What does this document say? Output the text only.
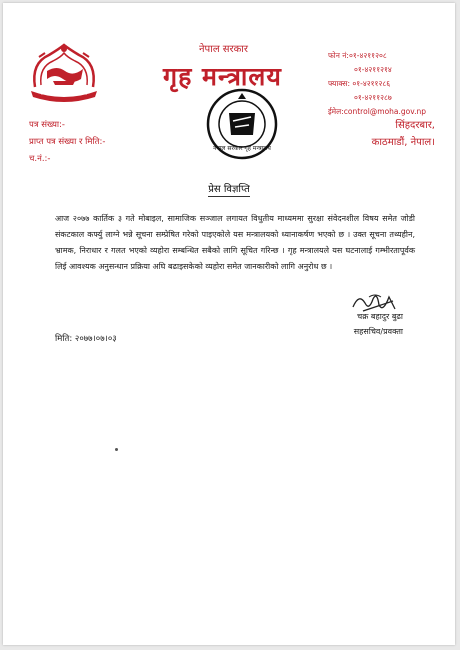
नेपाल सरकार
गृह मन्त्रालय
नेपाल सरकार गृह मन्त्रालय
फोन नं:०१-४२११२०८
०१-४२११२१४
फ्याक्स: ०१-४२११२८६
०१-४२११२८७
ईमेल:control@moha.gov.np
सिंहदरबार,
काठमाडौं, नेपाल।
पत्र संख्या:-
प्राप्त पत्र संख्या र मिति:-
च.नं.:-
प्रेस विज्ञप्ति
आज २०७७ कार्तिक ३ गते मोबाइल, सामाजिक सञ्जाल लगायत विधुतीय माध्यममा सुरक्षा संवेदनशील विषय समेत जोडी संकटकाल कर्फ्यु लाग्ने भन्ने सूचना सम्प्रेषित गरेको पाइएकोले यस मन्त्रालयको ध्यानाकर्षण भएको छ । उक्त सूचना तथ्यहीन, भ्रामक, निराधार र गलत भएको व्यहोरा सम्बन्धित सबैको लागि सूचित गरिन्छ । गृह मन्त्रालयले यस घटनालाई गम्भीरतापूर्वक लिई आवश्यक अनुसन्धान प्रक्रिया अघि बढाइसकेको व्यहोरा समेत जानकारीको लागि अनुरोध छ ।
चक्र बहादुर बुढा
सहसचिव/प्रवक्ता
मिति: २०७७।०७।०३
